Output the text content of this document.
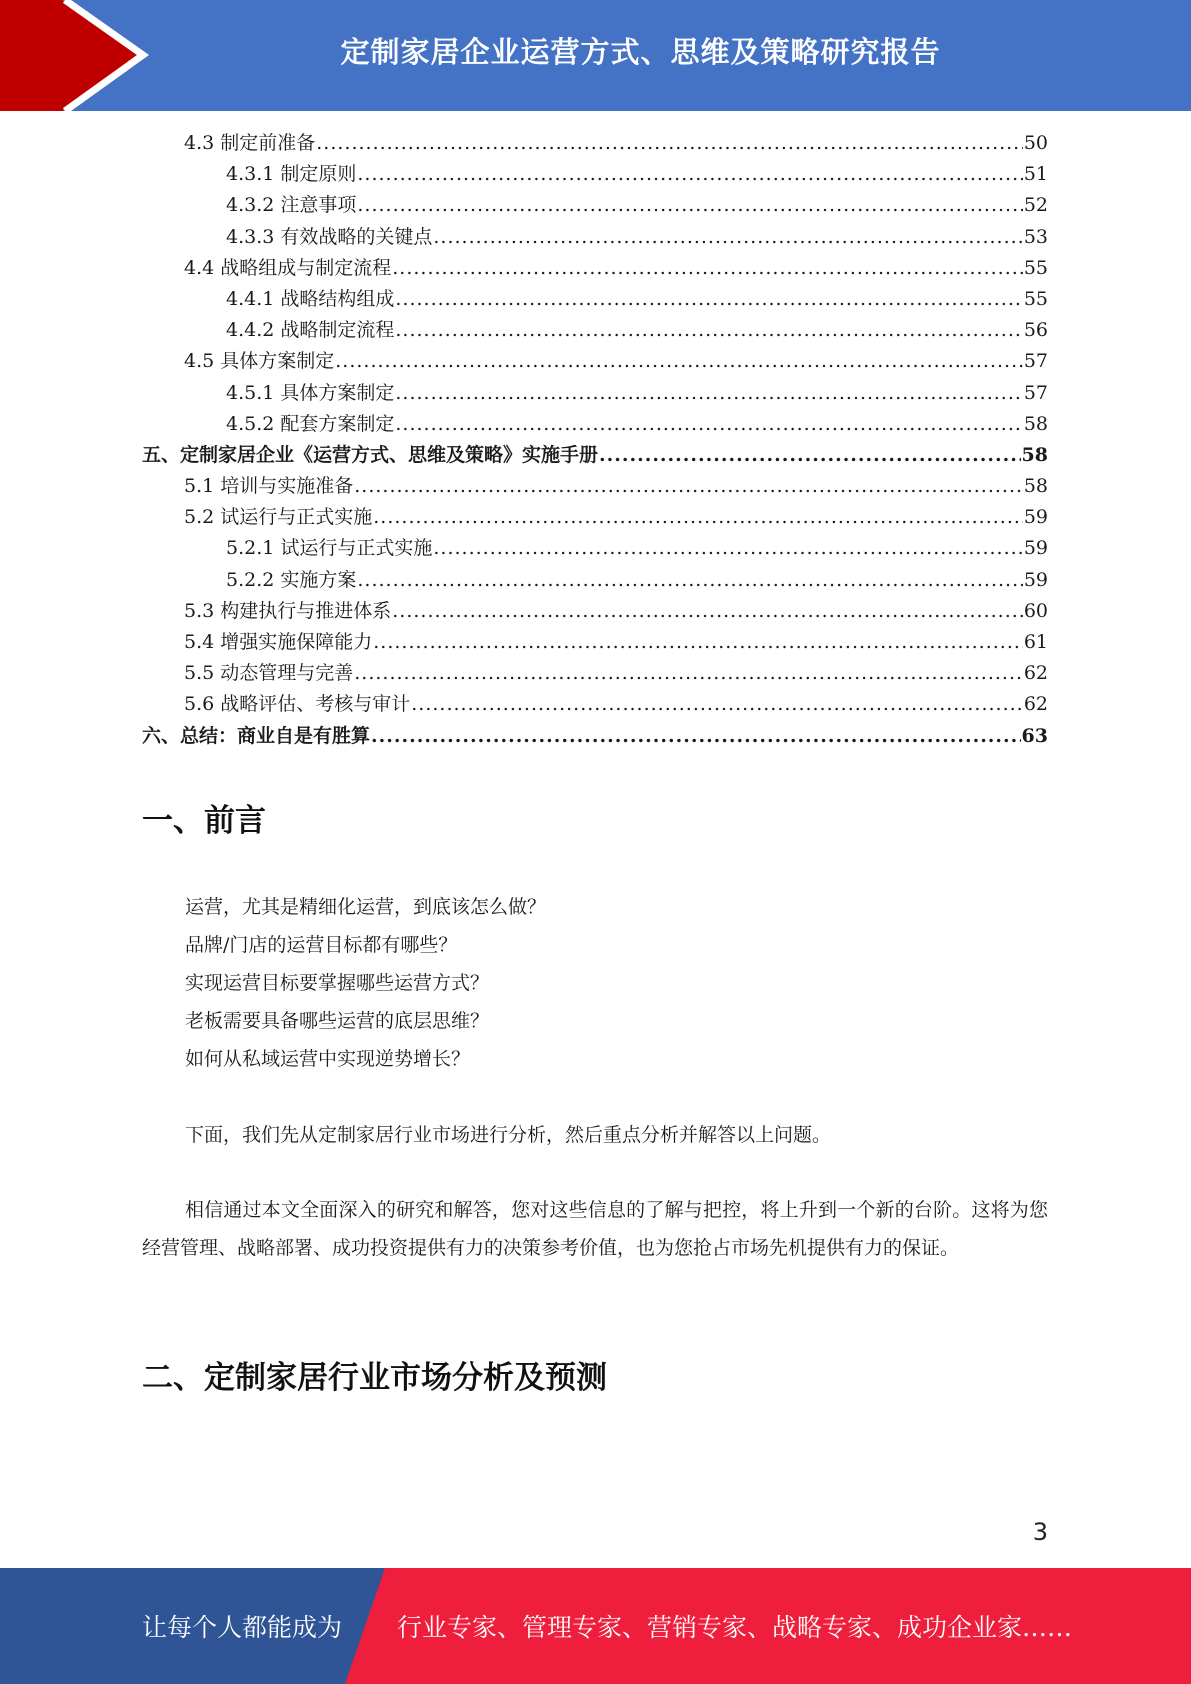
定制家居企业运营方式、思维及策略研究报告
4.3 制定前准备 .....	50
4.3.1 制定原则 .....	51
4.3.2 注意事项 .....	52
4.3.3 有效战略的关键点 .....	53
4.4 战略组成与制定流程 .....	55
4.4.1 战略结构组成 .....	55
4.4.2 战略制定流程 .....	56
4.5 具体方案制定 .....	57
4.5.1 具体方案制定 .....	57
4.5.2 配套方案制定 .....	58
五、定制家居企业《运营方式、思维及策略》实施手册 .....	58
5.1 培训与实施准备 .....	58
5.2 试运行与正式实施 .....	59
5.2.1 试运行与正式实施 .....	59
5.2.2 实施方案 .....	59
5.3 构建执行与推进体系 .....	60
5.4 增强实施保障能力 .....	61
5.5 动态管理与完善 .....	62
5.6 战略评估、考核与审计 .....	62
六、总结：商业自是有胜算 .....	63
一、前言
运营，尤其是精细化运营，到底该怎么做？
品牌/门店的运营目标都有哪些？
实现运营目标要掌握哪些运营方式？
老板需要具备哪些运营的底层思维？
如何从私域运营中实现逆势增长？

下面，我们先从定制家居行业市场进行分析，然后重点分析并解答以上问题。

相信通过本文全面深入的研究和解答，您对这些信息的了解与把控，将上升到一个新的台阶。这将为您经营管理、战略部署、成功投资提供有力的决策参考价值，也为您抢占市场先机提供有力的保证。

二、定制家居行业市场分析及预测
3
让每个人都能成为 行业专家、管理专家、营销专家、战略专家、成功企业家……
